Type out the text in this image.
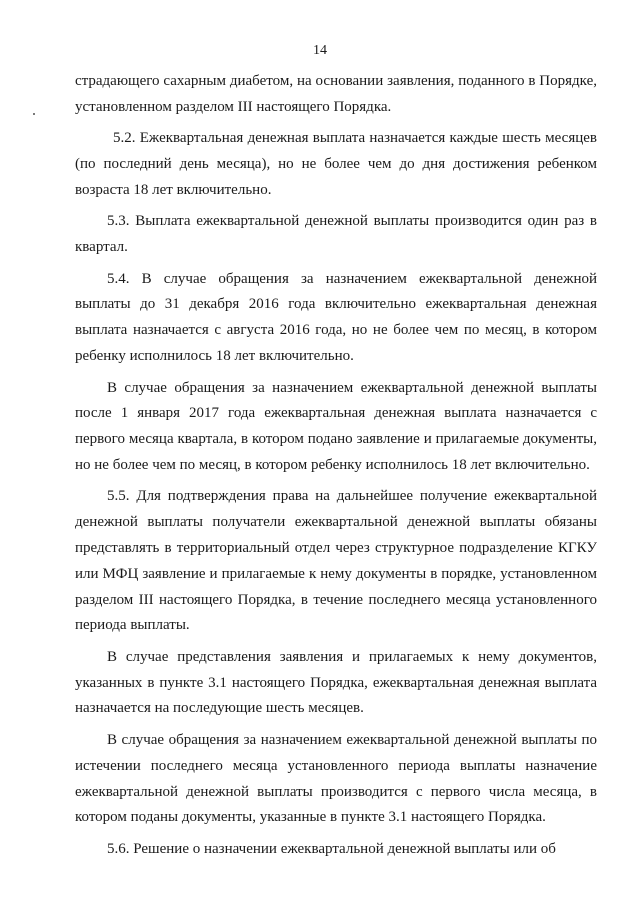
14

страдающего сахарным диабетом, на основании заявления, поданного в Порядке, установленном разделом III настоящего Порядка.

5.2. Ежеквартальная денежная выплата назначается каждые шесть месяцев (по последний день месяца), но не более чем до дня достижения ребенком возраста 18 лет включительно.

5.3. Выплата ежеквартальной денежной выплаты производится один раз в квартал.

5.4. В случае обращения за назначением ежеквартальной денежной выплаты до 31 декабря 2016 года включительно ежеквартальная денежная выплата назначается с августа 2016 года, но не более чем по месяц, в котором ребенку исполнилось 18 лет включительно.

В случае обращения за назначением ежеквартальной денежной выплаты после 1 января 2017 года ежеквартальная денежная выплата назначается с первого месяца квартала, в котором подано заявление и прилагаемые документы, но не более чем по месяц, в котором ребенку исполнилось 18 лет включительно.

5.5. Для подтверждения права на дальнейшее получение ежеквартальной денежной выплаты получатели ежеквартальной денежной выплаты обязаны представлять в территориальный отдел через структурное подразделение КГКУ или МФЦ заявление и прилагаемые к нему документы в порядке, установленном разделом III настоящего Порядка, в течение последнего месяца установленного периода выплаты.

В случае представления заявления и прилагаемых к нему документов, указанных в пункте 3.1 настоящего Порядка, ежеквартальная денежная выплата назначается на последующие шесть месяцев.

В случае обращения за назначением ежеквартальной денежной выплаты по истечении последнего месяца установленного периода выплаты назначение ежеквартальной денежной выплаты производится с первого числа месяца, в котором поданы документы, указанные в пункте 3.1 настоящего Порядка.

5.6. Решение о назначении ежеквартальной денежной выплаты или об
